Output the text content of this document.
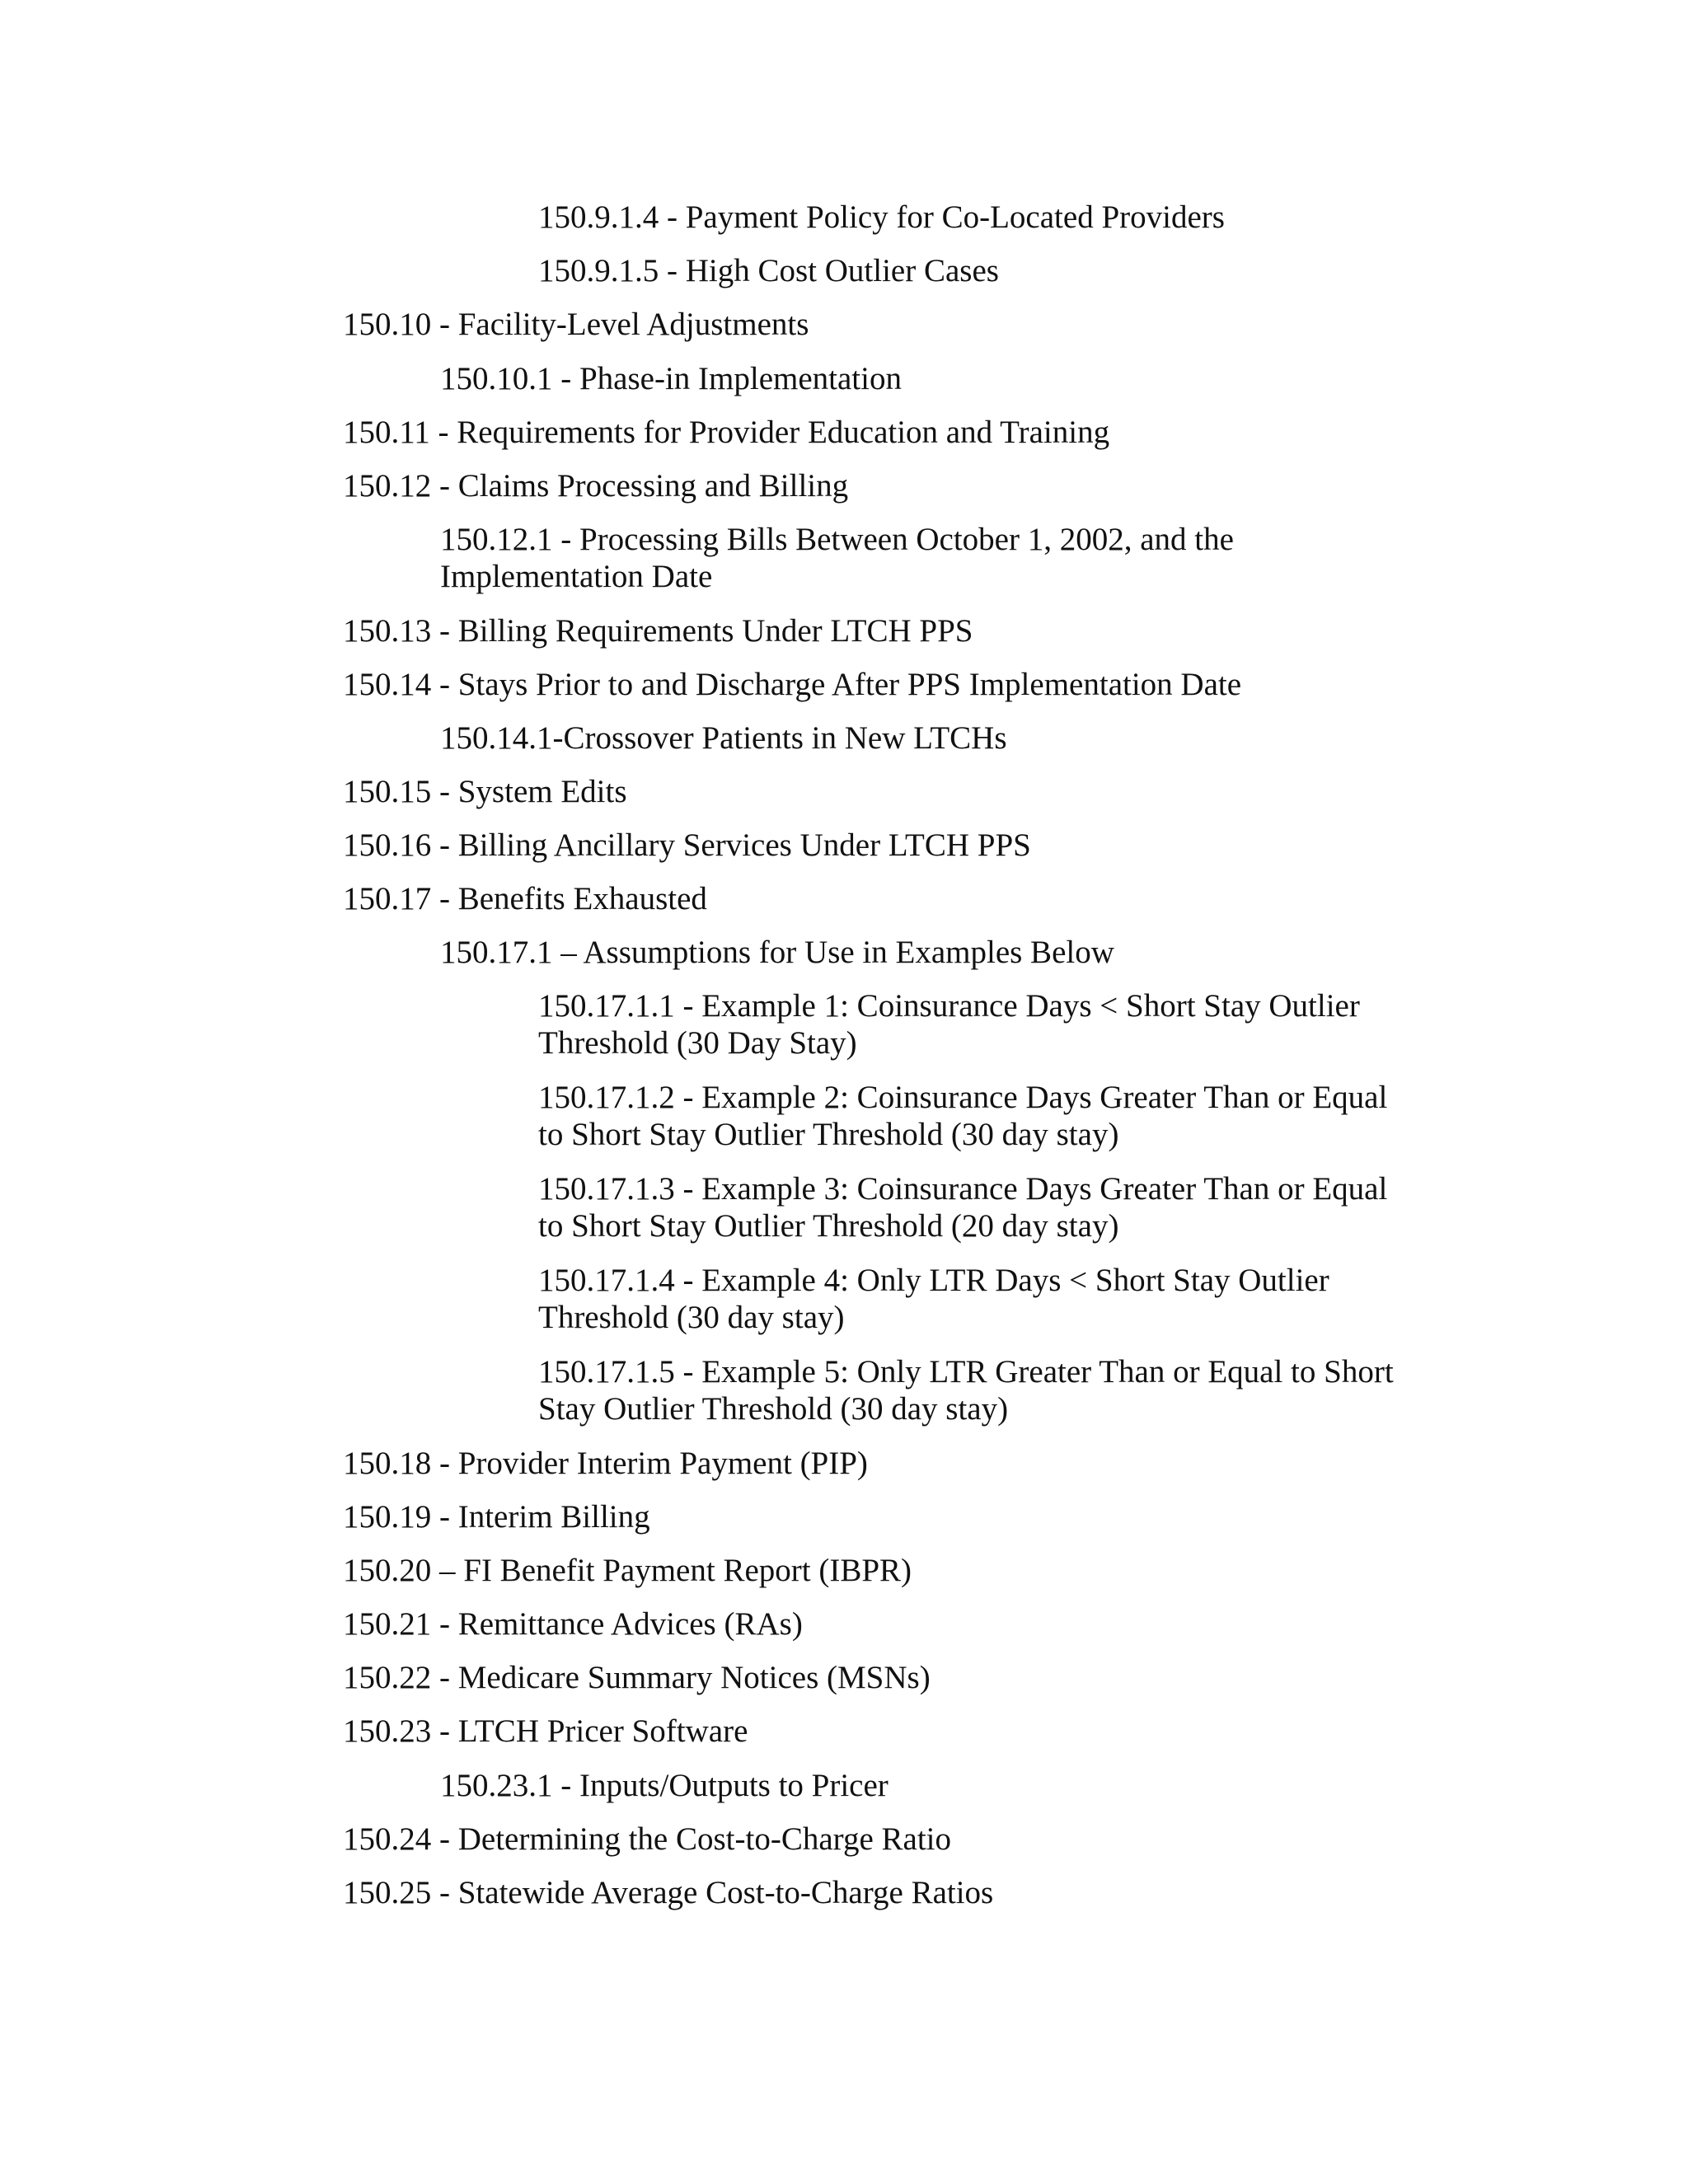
150.9.1.4 - Payment Policy for Co-Located Providers

150.9.1.5 - High Cost Outlier Cases

150.10 - Facility-Level Adjustments

150.10.1 - Phase-in Implementation

150.11 - Requirements for Provider Education and Training

150.12 - Claims Processing and Billing

150.12.1 - Processing Bills Between October 1, 2002, and the Implementation Date

150.13 - Billing Requirements Under LTCH PPS

150.14 - Stays Prior to and Discharge After PPS Implementation Date

150.14.1-Crossover Patients in New LTCHs

150.15 - System Edits

150.16 - Billing Ancillary Services Under LTCH PPS

150.17 - Benefits Exhausted

150.17.1 – Assumptions for Use in Examples Below

150.17.1.1 - Example 1: Coinsurance Days < Short Stay Outlier Threshold (30 Day Stay)

150.17.1.2 - Example 2: Coinsurance Days Greater Than or Equal to Short Stay Outlier Threshold (30 day stay)

150.17.1.3 - Example 3: Coinsurance Days Greater Than or Equal to Short Stay Outlier Threshold (20 day stay)

150.17.1.4 - Example 4: Only LTR Days < Short Stay Outlier Threshold (30 day stay)

150.17.1.5 - Example 5: Only LTR Greater Than or Equal to Short Stay Outlier Threshold (30 day stay)

150.18 - Provider Interim Payment (PIP)

150.19 - Interim Billing

150.20 – FI Benefit Payment Report (IBPR)

150.21 - Remittance Advices (RAs)

150.22 - Medicare Summary Notices (MSNs)

150.23 - LTCH Pricer Software

150.23.1 - Inputs/Outputs to Pricer

150.24 - Determining the Cost-to-Charge Ratio

150.25 - Statewide Average Cost-to-Charge Ratios
